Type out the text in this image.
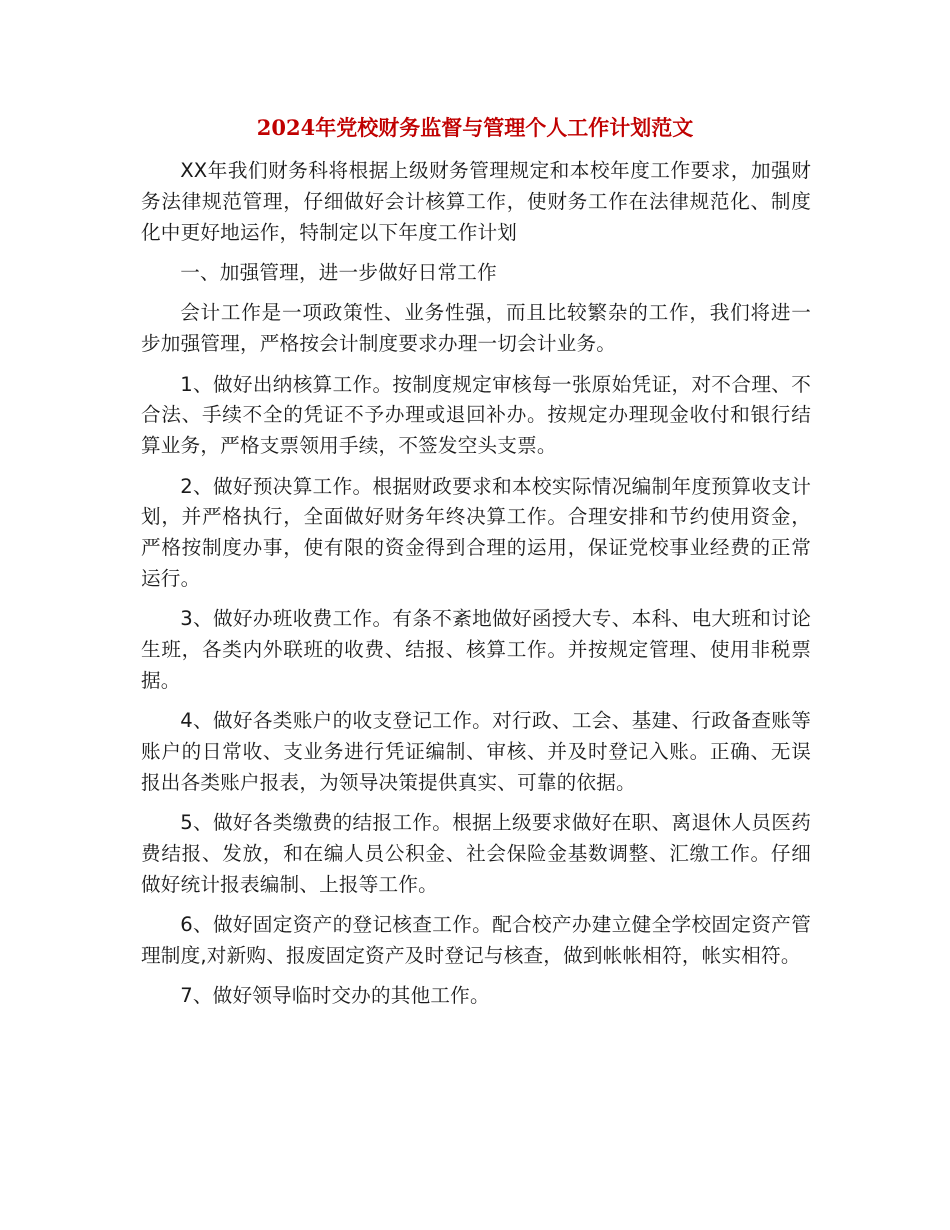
2024年党校财务监督与管理个人工作计划范文

XX年我们财务科将根据上级财务管理规定和本校年度工作要求，加强财务法律规范管理，仔细做好会计核算工作，使财务工作在法律规范化、制度化中更好地运作，特制定以下年度工作计划

一、加强管理，进一步做好日常工作

会计工作是一项政策性、业务性强，而且比较繁杂的工作，我们将进一步加强管理，严格按会计制度要求办理一切会计业务。

1、做好出纳核算工作。按制度规定审核每一张原始凭证，对不合理、不合法、手续不全的凭证不予办理或退回补办。按规定办理现金收付和银行结算业务，严格支票领用手续，不签发空头支票。

2、做好预决算工作。根据财政要求和本校实际情况编制年度预算收支计划，并严格执行，全面做好财务年终决算工作。合理安排和节约使用资金，严格按制度办事，使有限的资金得到合理的运用，保证党校事业经费的正常运行。

3、做好办班收费工作。有条不紊地做好函授大专、本科、电大班和讨论生班，各类内外联班的收费、结报、核算工作。并按规定管理、使用非税票据。

4、做好各类账户的收支登记工作。对行政、工会、基建、行政备查账等账户的日常收、支业务进行凭证编制、审核、并及时登记入账。正确、无误报出各类账户报表，为领导决策提供真实、可靠的依据。

5、做好各类缴费的结报工作。根据上级要求做好在职、离退休人员医药费结报、发放，和在编人员公积金、社会保险金基数调整、汇缴工作。仔细做好统计报表编制、上报等工作。

6、做好固定资产的登记核查工作。配合校产办建立健全学校固定资产管理制度,对新购、报废固定资产及时登记与核查，做到帐帐相符，帐实相符。

7、做好领导临时交办的其他工作。
